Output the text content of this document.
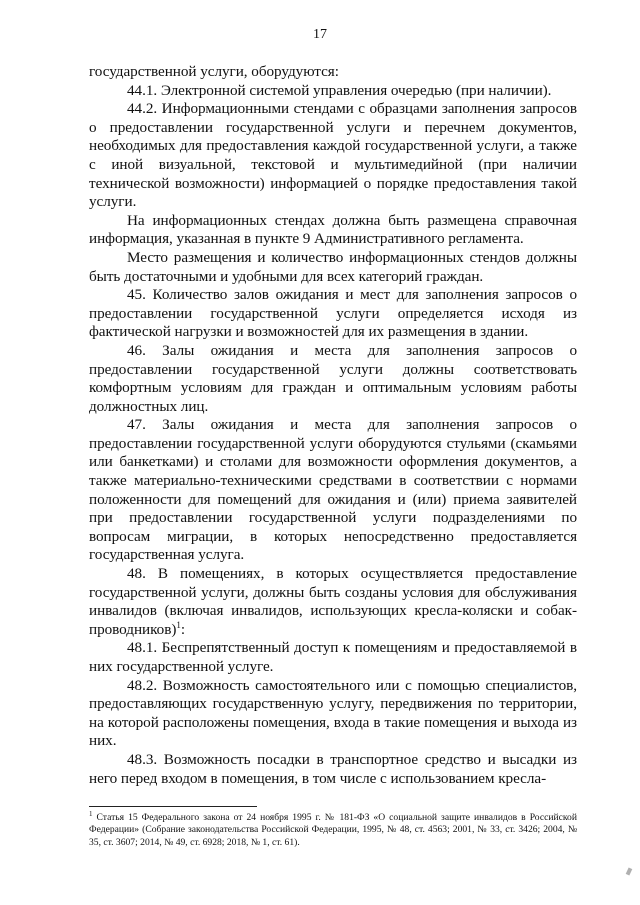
17

государственной услуги, оборудуются:

44.1. Электронной системой управления очередью (при наличии).

44.2. Информационными стендами с образцами заполнения запросов о предоставлении государственной услуги и перечнем документов, необходимых для предоставления каждой государственной услуги, а также с иной визуальной, текстовой и мультимедийной (при наличии технической возможности) информацией о порядке предоставления такой услуги.

На информационных стендах должна быть размещена справочная информация, указанная в пункте 9 Административного регламента.

Место размещения и количество информационных стендов должны быть достаточными и удобными для всех категорий граждан.

45. Количество залов ожидания и мест для заполнения запросов о предоставлении государственной услуги определяется исходя из фактической нагрузки и возможностей для их размещения в здании.

46. Залы ожидания и места для заполнения запросов о предоставлении государственной услуги должны соответствовать комфортным условиям для граждан и оптимальным условиям работы должностных лиц.

47. Залы ожидания и места для заполнения запросов о предоставлении государственной услуги оборудуются стульями (скамьями или банкетками) и столами для возможности оформления документов, а также материально-техническими средствами в соответствии с нормами положенности для помещений для ожидания и (или) приема заявителей при предоставлении государственной услуги подразделениями по вопросам миграции, в которых непосредственно предоставляется государственная услуга.

48. В помещениях, в которых осуществляется предоставление государственной услуги, должны быть созданы условия для обслуживания инвалидов (включая инвалидов, использующих кресла-коляски и собак-проводников)$^1$:

48.1. Беспрепятственный доступ к помещениям и предоставляемой в них государственной услуге.

48.2. Возможность самостоятельного или с помощью специалистов, предоставляющих государственную услугу, передвижения по территории, на которой расположены помещения, входа в такие помещения и выхода из них.

48.3. Возможность посадки в транспортное средство и высадки из него перед входом в помещения, в том числе с использованием кресла-

$^1$ Статья 15 Федерального закона от 24 ноября 1995 г. № 181-ФЗ «О социальной защите инвалидов в Российской Федерации» (Собрание законодательства Российской Федерации, 1995, № 48, ст. 4563; 2001, № 33, ст. 3426; 2004, № 35, ст. 3607; 2014, № 49, ст. 6928; 2018, № 1, ст. 61).
